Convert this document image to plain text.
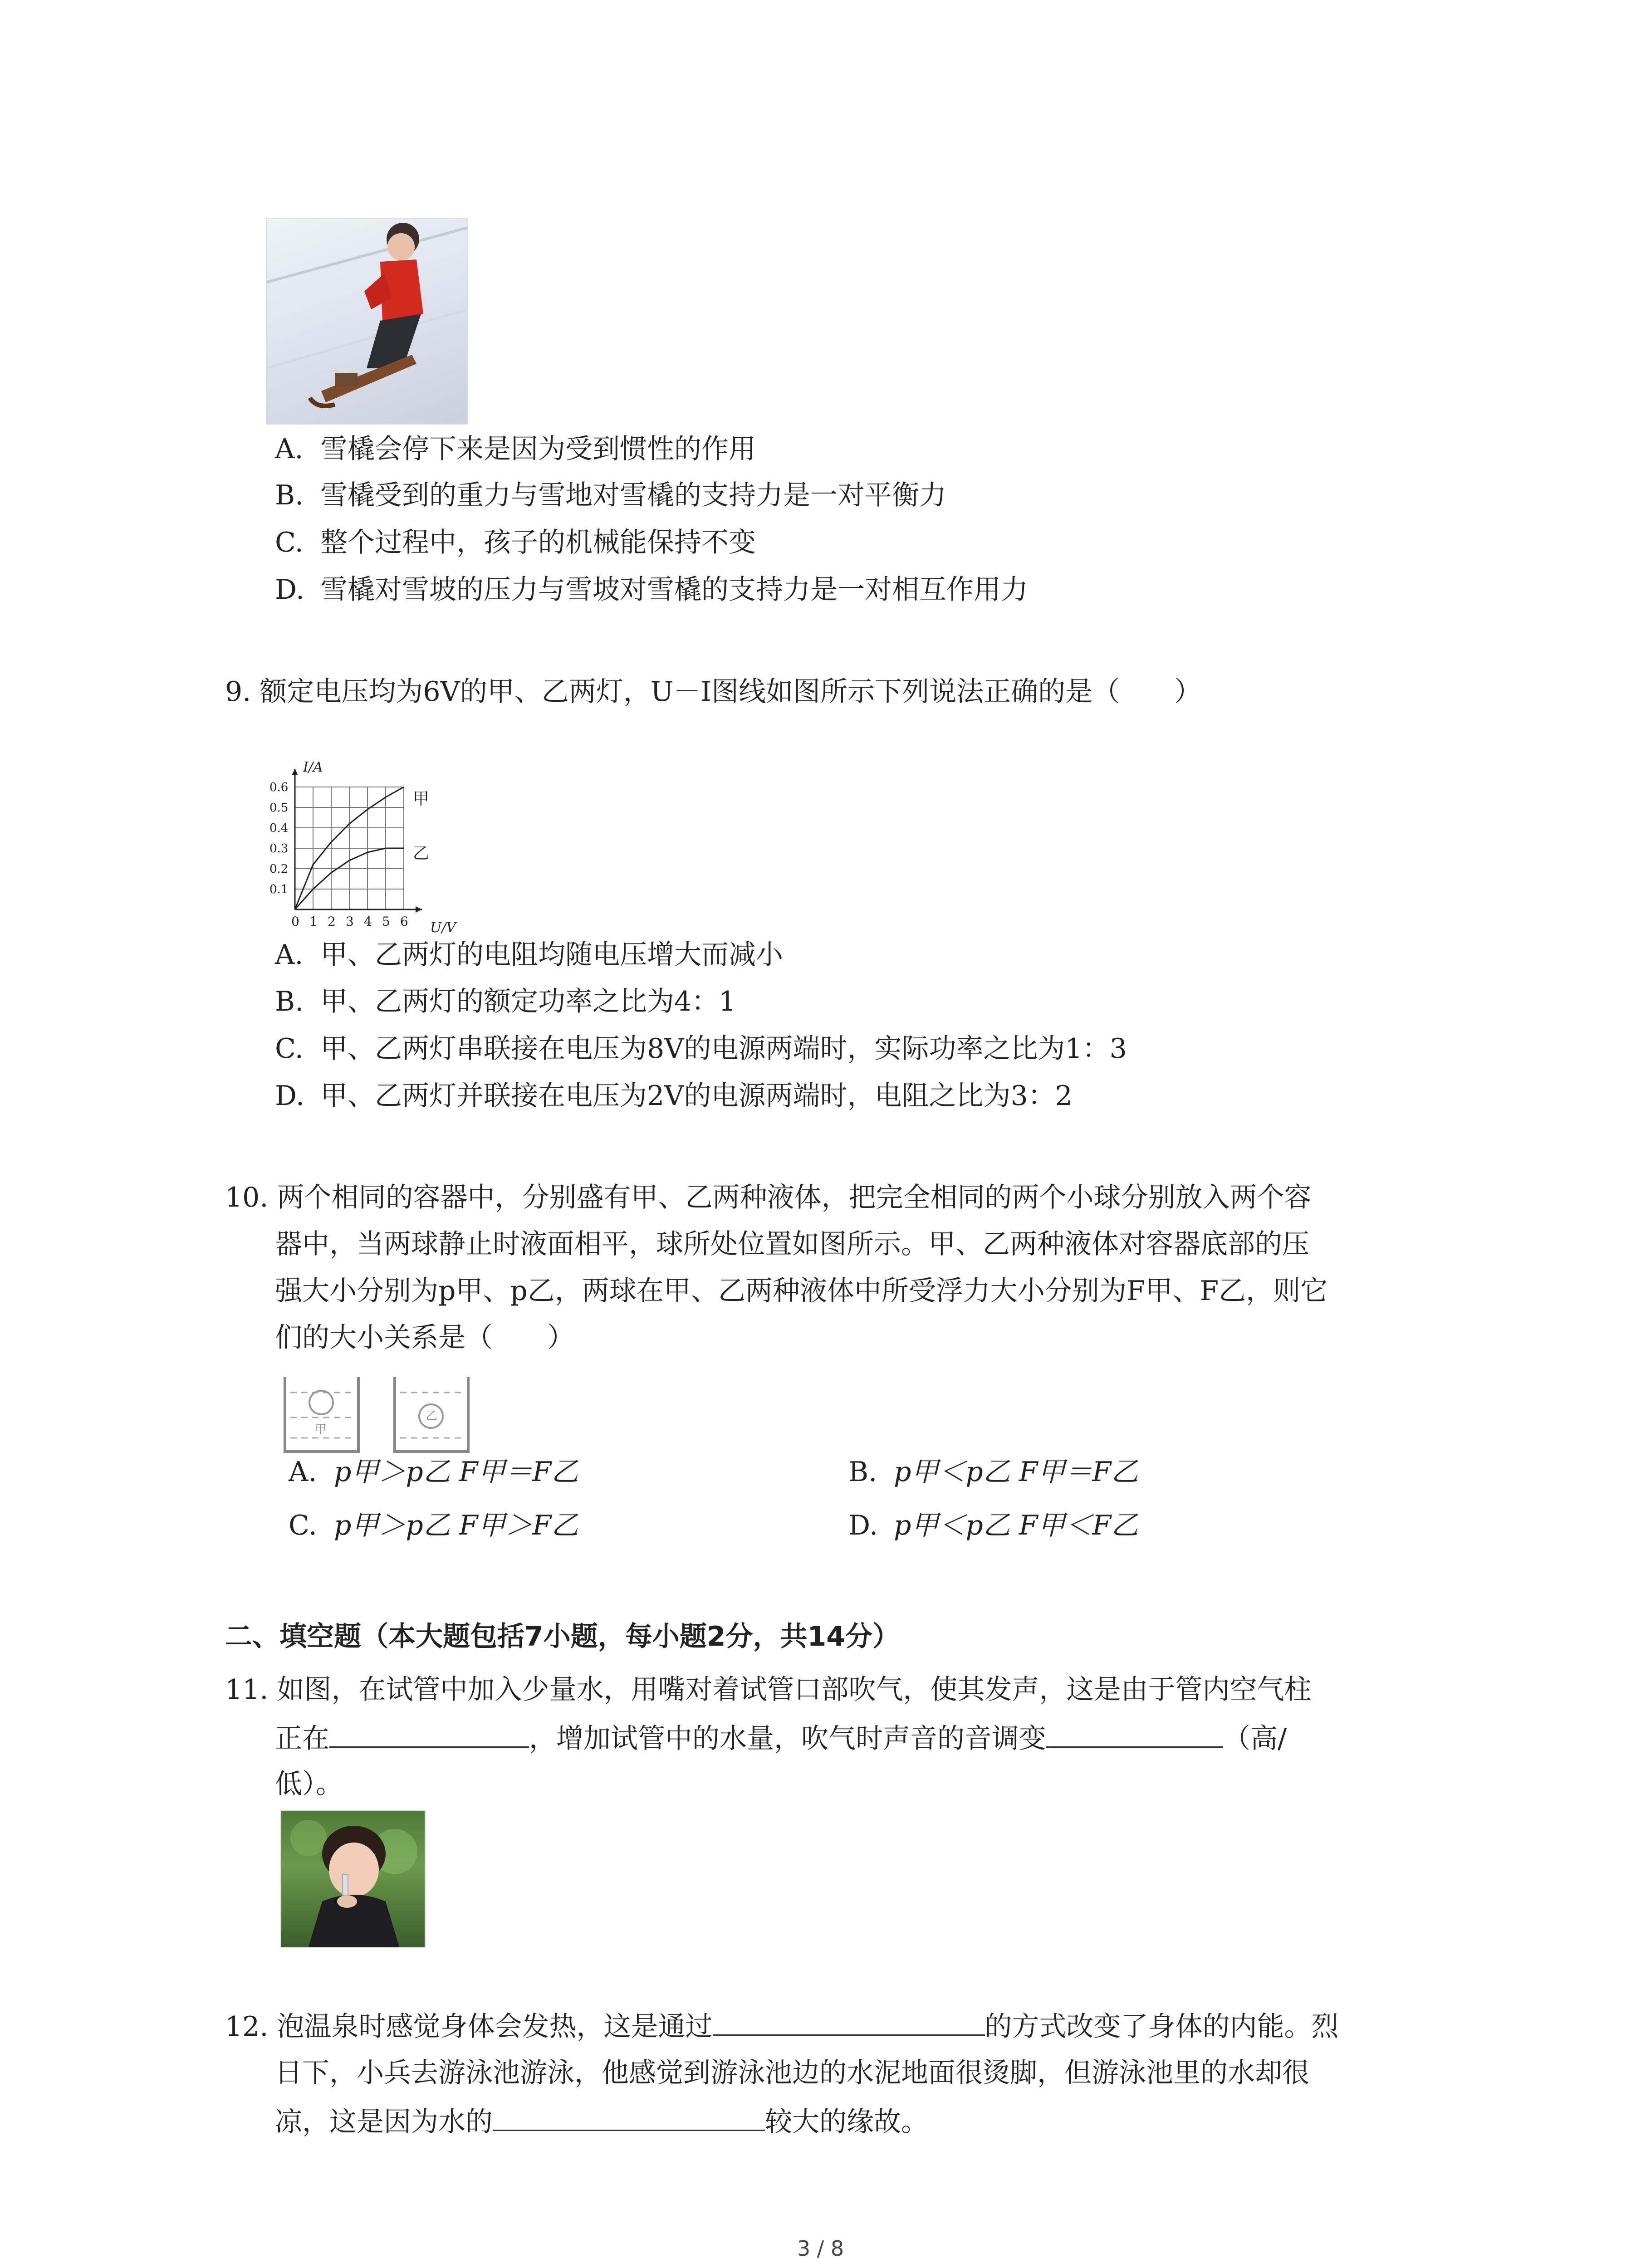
A. 雪橇会停下来是因为受到惯性的作用
B. 雪橇受到的重力与雪地对雪橇的支持力是一对平衡力
C. 整个过程中，孩子的机械能保持不变
D. 雪橇对雪坡的压力与雪坡对雪橇的支持力是一对相互作用力
9. 额定电压均为6V的甲、乙两灯，U－I图线如图所示下列说法正确的是（　　）
I/A
U/V
甲
乙
0 1 2 3 4 5 6
0.1
0.2
0.3
0.4
0.5
0.6
A. 甲、乙两灯的电阻均随电压增大而减小
B. 甲、乙两灯的额定功率之比为4：1
C. 甲、乙两灯串联接在电压为8V的电源两端时，实际功率之比为1：3
D. 甲、乙两灯并联接在电压为2V的电源两端时，电阻之比为3：2
10. 两个相同的容器中，分别盛有甲、乙两种液体，把完全相同的两个小球分别放入两个容
器中，当两球静止时液面相平，球所处位置如图所示。甲、乙两种液体对容器底部的压
强大小分别为p甲、p乙，两球在甲、乙两种液体中所受浮力大小分别为F甲、F乙，则它
们的大小关系是（　　）
甲
乙
A. p甲＞p乙 F甲＝F乙	B. p甲＜p乙 F甲＝F乙
C. p甲＞p乙 F甲＞F乙	D. p甲＜p乙 F甲＜F乙
二、填空题（本大题包括7小题，每小题2分，共14分）
11. 如图，在试管中加入少量水，用嘴对着试管口部吹气，使其发声，这是由于管内空气柱
正在	，增加试管中的水量，吹气时声音的音调变	（高/
低）。
12. 泡温泉时感觉身体会发热，这是通过	的方式改变了身体的内能。烈
日下，小兵去游泳池游泳，他感觉到游泳池边的水泥地面很烫脚，但游泳池里的水却很
凉，这是因为水的	较大的缘故。
3 / 8
